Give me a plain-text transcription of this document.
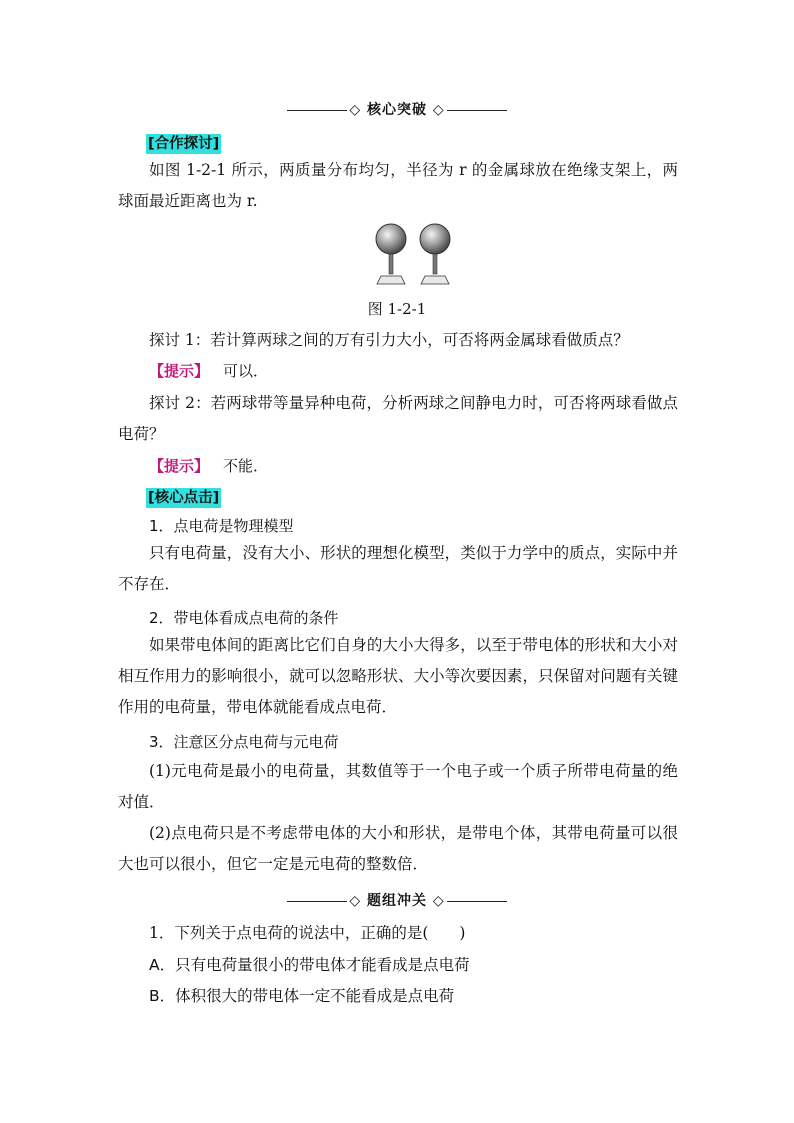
◇ 核心突破 ◇
[合作探讨]
如图 1-2-1 所示，两质量分布均匀，半径为 r 的金属球放在绝缘支架上，两球面最近距离也为 r.
图 1-2-1
探讨 1：若计算两球之间的万有引力大小，可否将两金属球看做质点？
【提示】 可以．
探讨 2：若两球带等量异种电荷，分析两球之间静电力时，可否将两球看做点电荷？
【提示】 不能．
[核心点击]
1．点电荷是物理模型
只有电荷量，没有大小、形状的理想化模型，类似于力学中的质点，实际中并不存在．
2．带电体看成点电荷的条件
如果带电体间的距离比它们自身的大小大得多，以至于带电体的形状和大小对相互作用力的影响很小，就可以忽略形状、大小等次要因素，只保留对问题有关键作用的电荷量，带电体就能看成点电荷．
3．注意区分点电荷与元电荷
(1)元电荷是最小的电荷量，其数值等于一个电子或一个质子所带电荷量的绝对值．
(2)点电荷只是不考虑带电体的大小和形状，是带电个体，其带电荷量可以很大也可以很小，但它一定是元电荷的整数倍．
◇ 题组冲关 ◇
1．下列关于点电荷的说法中，正确的是(　　)
A．只有电荷量很小的带电体才能看成是点电荷
B．体积很大的带电体一定不能看成是点电荷
